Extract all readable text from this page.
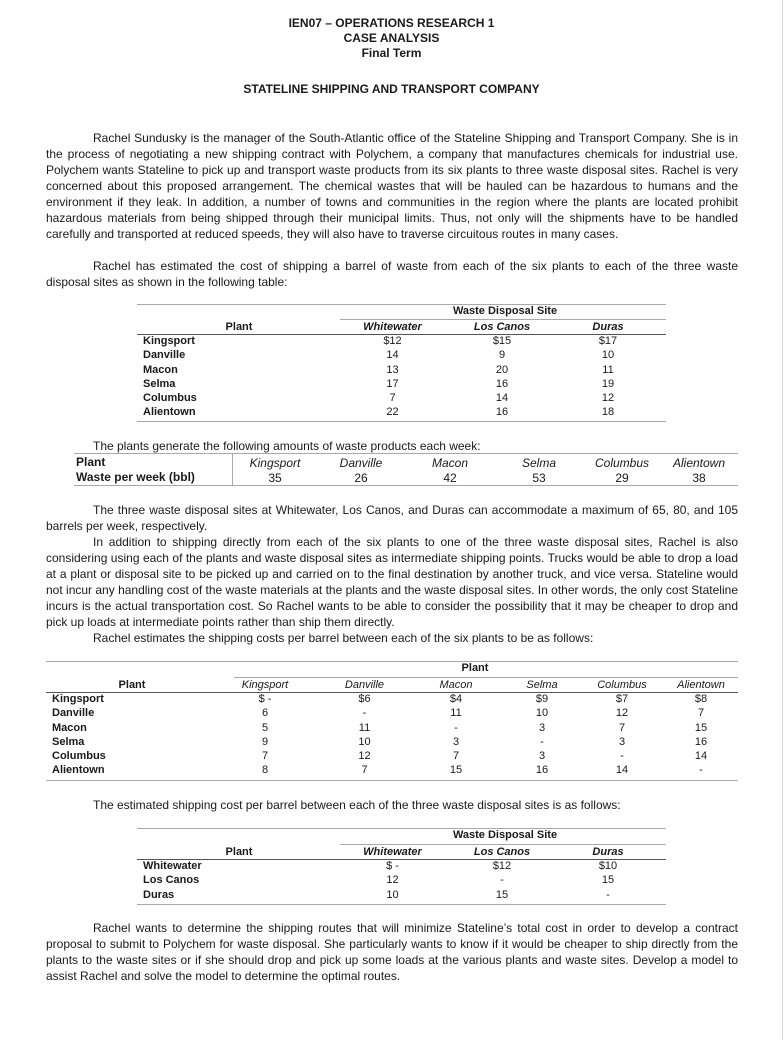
IEN07 – OPERATIONS RESEARCH 1
CASE ANALYSIS
Final Term
STATELINE SHIPPING AND TRANSPORT COMPANY
Rachel Sundusky is the manager of the South-Atlantic office of the Stateline Shipping and Transport Company. She is in the process of negotiating a new shipping contract with Polychem, a company that manufactures chemicals for industrial use. Polychem wants Stateline to pick up and transport waste products from its six plants to three waste disposal sites. Rachel is very concerned about this proposed arrangement. The chemical wastes that will be hauled can be hazardous to humans and the environment if they leak. In addition, a number of towns and communities in the region where the plants are located prohibit hazardous materials from being shipped through their municipal limits. Thus, not only will the shipments have to be handled carefully and transported at reduced speeds, they will also have to traverse circuitous routes in many cases.
Rachel has estimated the cost of shipping a barrel of waste from each of the six plants to each of the three waste disposal sites as shown in the following table:
Waste Disposal Site
Plant	Whitewater	Los Canos	Duras
Kingsport	$12	$15	$17
Danville	14	9	10
Macon	13	20	11
Selma	17	16	19
Columbus	7	14	12
Alientown	22	16	18
The plants generate the following amounts of waste products each week:
Plant	Kingsport	Danville	Macon	Selma	Columbus	Alientown
Waste per week (bbl)	35	26	42	53	29	38
The three waste disposal sites at Whitewater, Los Canos, and Duras can accommodate a maximum of 65, 80, and 105 barrels per week, respectively.
In addition to shipping directly from each of the six plants to one of the three waste disposal sites, Rachel is also considering using each of the plants and waste disposal sites as intermediate shipping points. Trucks would be able to drop a load at a plant or disposal site to be picked up and carried on to the final destination by another truck, and vice versa. Stateline would not incur any handling cost of the waste materials at the plants and the waste disposal sites. In other words, the only cost Stateline incurs is the actual transportation cost. So Rachel wants to be able to consider the possibility that it may be cheaper to drop and pick up loads at intermediate points rather than ship them directly.
Rachel estimates the shipping costs per barrel between each of the six plants to be as follows:
Plant
Plant	Kingsport	Danville	Macon	Selma	Columbus	Alientown
Kingsport	$ -	$6	$4	$9	$7	$8
Danville	6	-	11	10	12	7
Macon	5	11	-	3	7	15
Selma	9	10	3	-	3	16
Columbus	7	12	7	3	-	14
Alientown	8	7	15	16	14	-
The estimated shipping cost per barrel between each of the three waste disposal sites is as follows:
Waste Disposal Site
Plant	Whitewater	Los Canos	Duras
Whitewater	$ -	$12	$10
Los Canos	12	-	15
Duras	10	15	-
Rachel wants to determine the shipping routes that will minimize Stateline’s total cost in order to develop a contract proposal to submit to Polychem for waste disposal. She particularly wants to know if it would be cheaper to ship directly from the plants to the waste sites or if she should drop and pick up some loads at the various plants and waste sites. Develop a model to assist Rachel and solve the model to determine the optimal routes.
